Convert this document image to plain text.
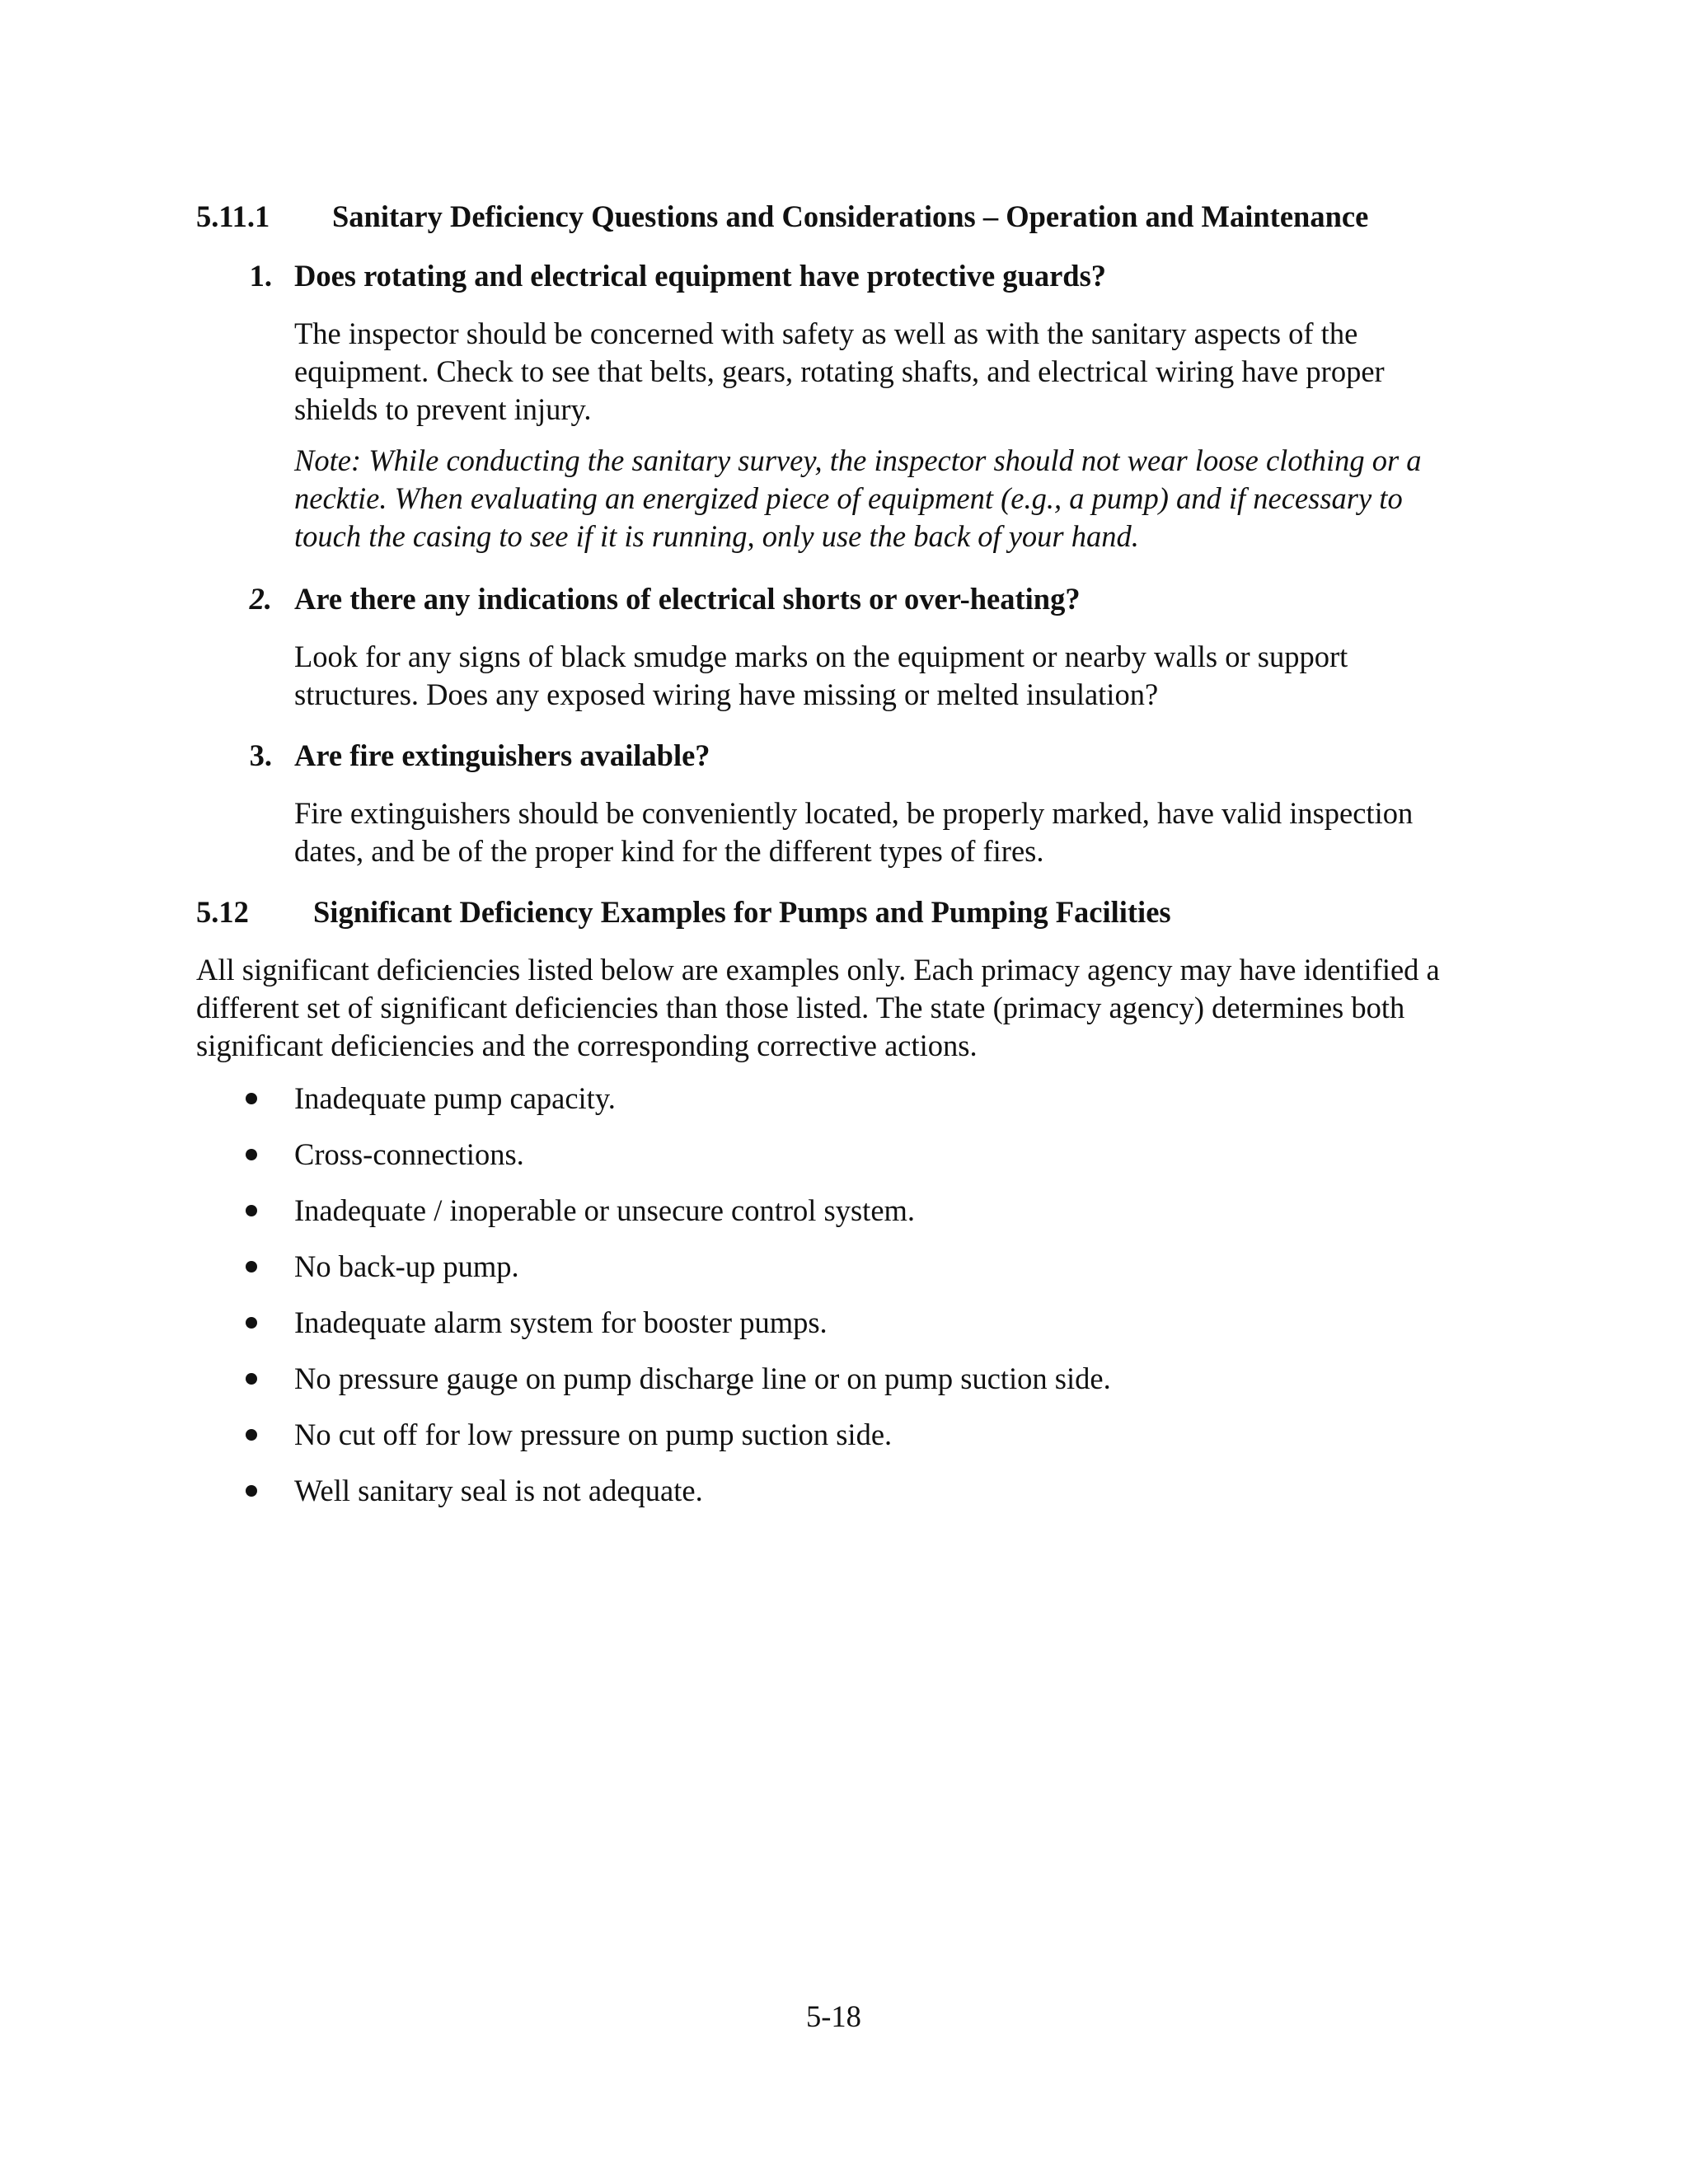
5.11.1 Sanitary Deficiency Questions and Considerations – Operation and Maintenance
1. Does rotating and electrical equipment have protective guards?
The inspector should be concerned with safety as well as with the sanitary aspects of the equipment. Check to see that belts, gears, rotating shafts, and electrical wiring have proper shields to prevent injury.
Note: While conducting the sanitary survey, the inspector should not wear loose clothing or a necktie. When evaluating an energized piece of equipment (e.g., a pump) and if necessary to touch the casing to see if it is running, only use the back of your hand.
2. Are there any indications of electrical shorts or over-heating?
Look for any signs of black smudge marks on the equipment or nearby walls or support structures. Does any exposed wiring have missing or melted insulation?
3. Are fire extinguishers available?
Fire extinguishers should be conveniently located, be properly marked, have valid inspection dates, and be of the proper kind for the different types of fires.
5.12 Significant Deficiency Examples for Pumps and Pumping Facilities
All significant deficiencies listed below are examples only. Each primacy agency may have identified a different set of significant deficiencies than those listed. The state (primacy agency) determines both significant deficiencies and the corresponding corrective actions.
Inadequate pump capacity.
Cross-connections.
Inadequate / inoperable or unsecure control system.
No back-up pump.
Inadequate alarm system for booster pumps.
No pressure gauge on pump discharge line or on pump suction side.
No cut off for low pressure on pump suction side.
Well sanitary seal is not adequate.
5-18
